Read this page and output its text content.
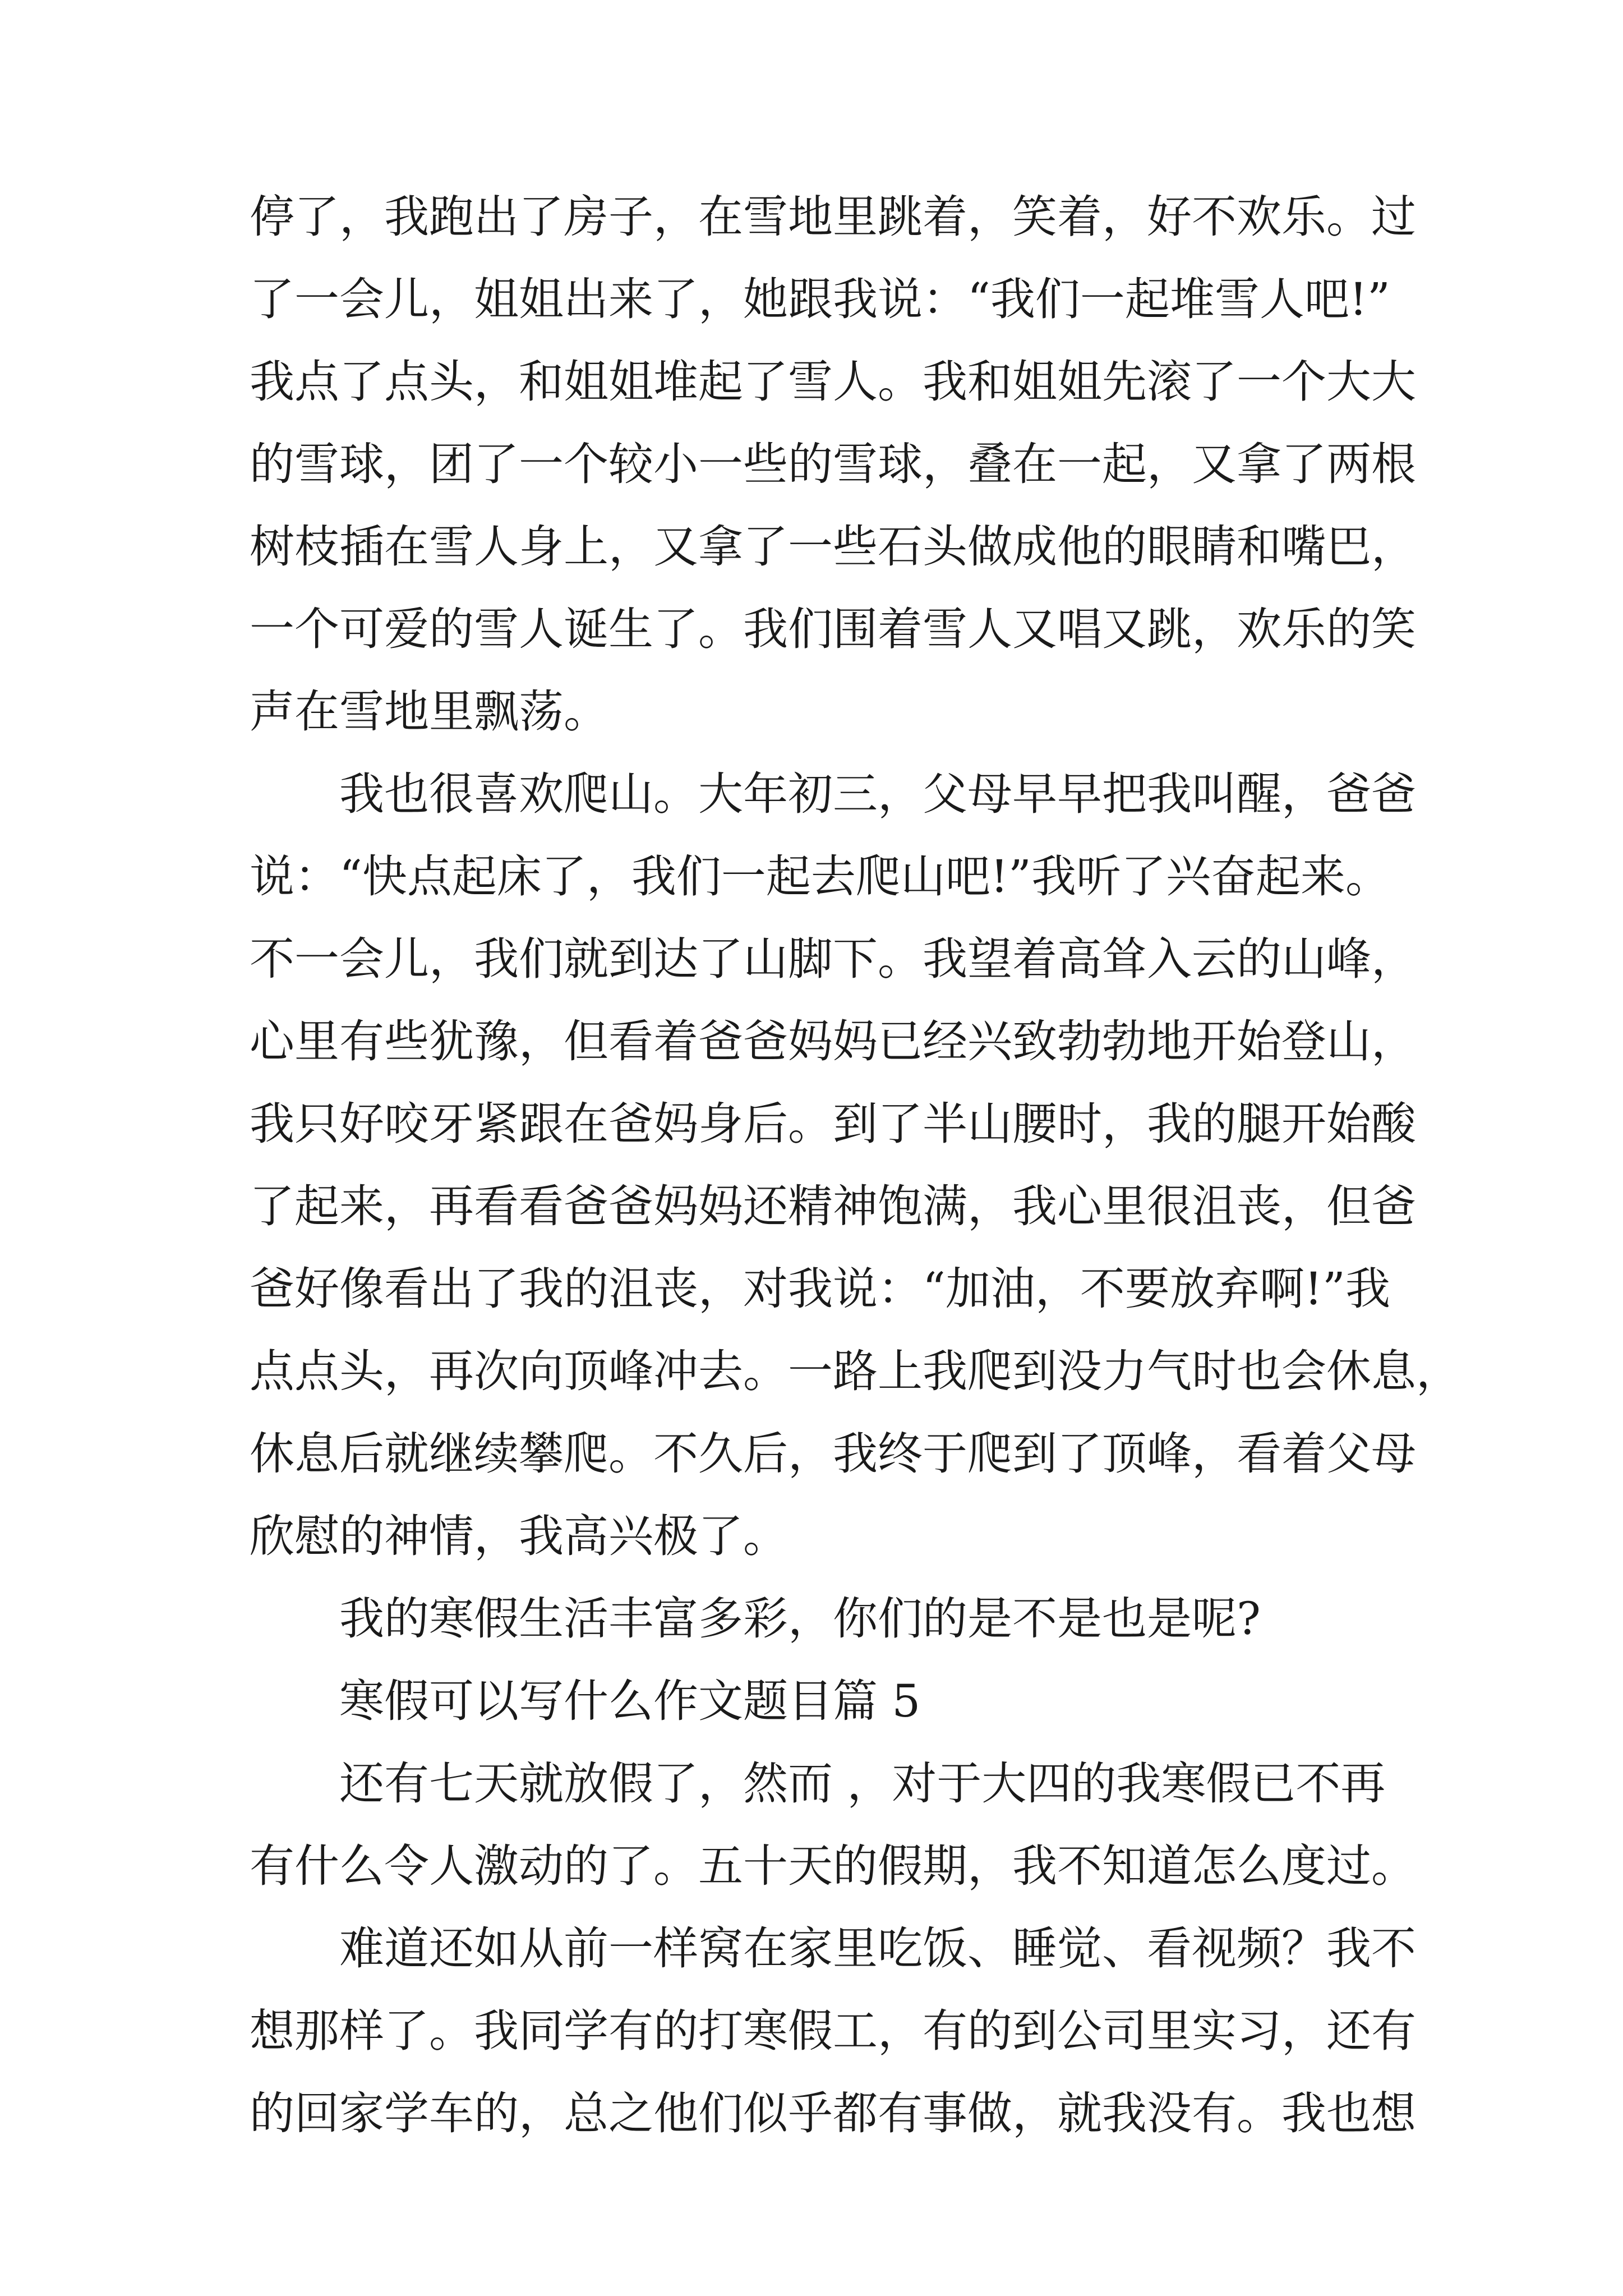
停了，我跑出了房子，在雪地里跳着，笑着，好不欢乐。过
了一会儿，姐姐出来了，她跟我说：“我们一起堆雪人吧!”
我点了点头，和姐姐堆起了雪人。我和姐姐先滚了一个大大
的雪球，团了一个较小一些的雪球，叠在一起，又拿了两根
树枝插在雪人身上，又拿了一些石头做成他的眼睛和嘴巴，
一个可爱的雪人诞生了。我们围着雪人又唱又跳，欢乐的笑
声在雪地里飘荡。
我也很喜欢爬山。大年初三，父母早早把我叫醒，爸爸
说：“快点起床了，我们一起去爬山吧!”我听了兴奋起来。
不一会儿，我们就到达了山脚下。我望着高耸入云的山峰，
心里有些犹豫，但看着爸爸妈妈已经兴致勃勃地开始登山，
我只好咬牙紧跟在爸妈身后。到了半山腰时，我的腿开始酸
了起来，再看看爸爸妈妈还精神饱满，我心里很沮丧，但爸
爸好像看出了我的沮丧，对我说：“加油，不要放弃啊!”我
点点头，再次向顶峰冲去。一路上我爬到没力气时也会休息，
休息后就继续攀爬。不久后，我终于爬到了顶峰，看着父母
欣慰的神情，我高兴极了。
我的寒假生活丰富多彩，你们的是不是也是呢?
寒假可以写什么作文题目篇 5
还有七天就放假了，然而 ，对于大四的我寒假已不再
有什么令人激动的了。五十天的假期，我不知道怎么度过。
难道还如从前一样窝在家里吃饭、睡觉、看视频？我不
想那样了。我同学有的打寒假工，有的到公司里实习，还有
的回家学车的，总之他们似乎都有事做，就我没有。我也想
